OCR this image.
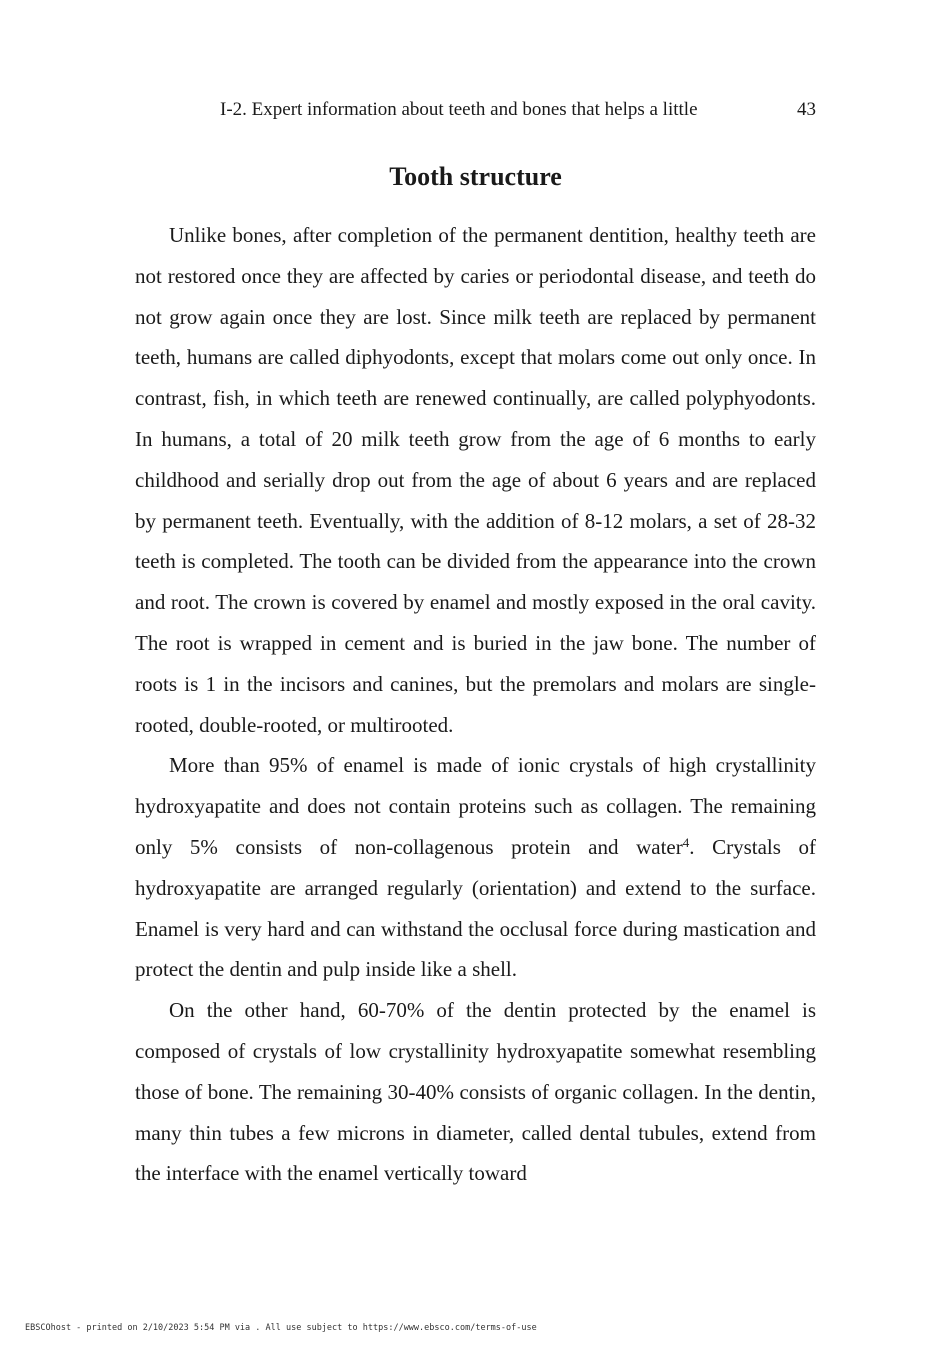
I-2. Expert information about teeth and bones that helps a little	43
Tooth structure

Unlike bones, after completion of the permanent dentition, healthy teeth are not restored once they are affected by caries or periodontal disease, and teeth do not grow again once they are lost. Since milk teeth are replaced by permanent teeth, humans are called diphyodonts, except that molars come out only once. In contrast, fish, in which teeth are renewed continually, are called polyphyodonts. In humans, a total of 20 milk teeth grow from the age of 6 months to early childhood and serially drop out from the age of about 6 years and are replaced by permanent teeth. Eventually, with the addition of 8-12 molars, a set of 28-32 teeth is completed. The tooth can be divided from the appearance into the crown and root. The crown is covered by enamel and mostly exposed in the oral cavity. The root is wrapped in cement and is buried in the jaw bone. The number of roots is 1 in the incisors and canines, but the premolars and molars are single-rooted, double-rooted, or multirooted.

More than 95% of enamel is made of ionic crystals of high crystallinity hydroxyapatite and does not contain proteins such as collagen. The remaining only 5% consists of non-collagenous protein and water$^4$. Crystals of hydroxyapatite are arranged regularly (orientation) and extend to the surface. Enamel is very hard and can withstand the occlusal force during mastication and protect the dentin and pulp inside like a shell.

On the other hand, 60-70% of the dentin protected by the enamel is composed of crystals of low crystallinity hydroxyapatite somewhat resembling those of bone. The remaining 30-40% consists of organic collagen. In the dentin, many thin tubes a few microns in diameter, called dental tubules, extend from the interface with the enamel vertically toward

EBSCOhost - printed on 2/10/2023 5:54 PM via . All use subject to https://www.ebsco.com/terms-of-use
